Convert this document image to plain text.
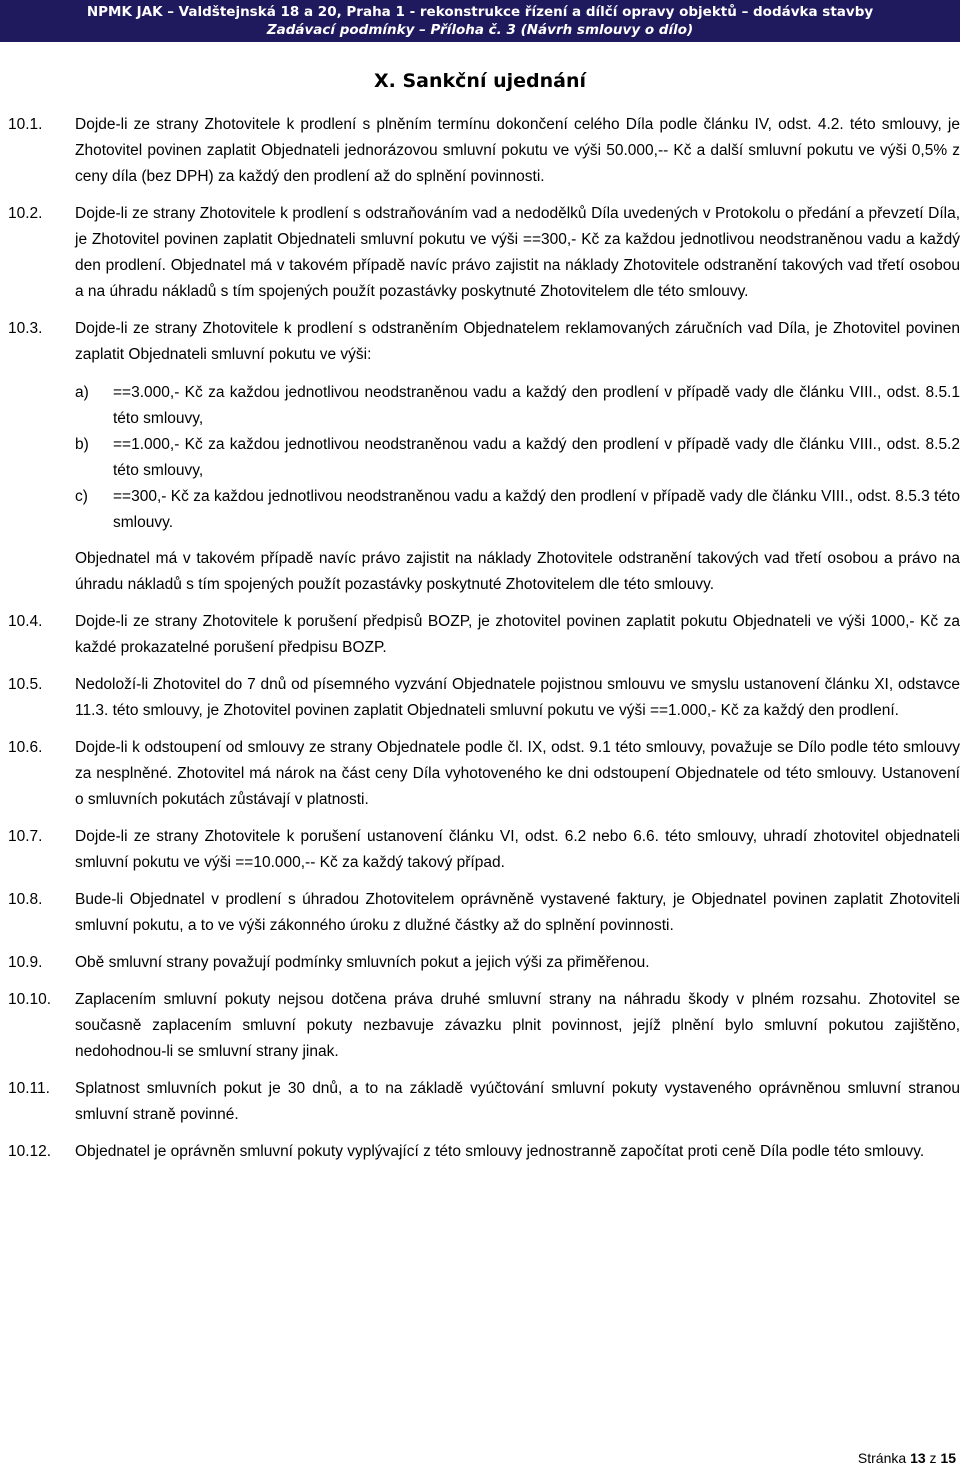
NPMK JAK – Valdštejnská 18 a 20, Praha 1 - rekonstrukce řízení a dílčí opravy objektů – dodávka stavby
Zadávací podmínky – Příloha č. 3 (Návrh smlouvy o dílo)
X. Sankční ujednání
10.1.	Dojde-li ze strany Zhotovitele k prodlení s plněním termínu dokončení celého Díla podle článku IV, odst. 4.2. této smlouvy, je Zhotovitel povinen zaplatit Objednateli jednorázovou smluvní pokutu ve výši 50.000,-- Kč a další smluvní pokutu ve výši 0,5% z ceny díla (bez DPH) za každý den prodlení až do splnění povinnosti.
10.2.	Dojde-li ze strany Zhotovitele k prodlení s odstraňováním vad a nedodělků Díla uvedených v Protokolu o předání a převzetí Díla, je Zhotovitel povinen zaplatit Objednateli smluvní pokutu ve výši ==300,- Kč za každou jednotlivou neodstraněnou vadu a každý den prodlení. Objednatel má v takovém případě navíc právo zajistit na náklady Zhotovitele odstranění takových vad třetí osobou a na úhradu nákladů s tím spojených použít pozastávky poskytnuté Zhotovitelem dle této smlouvy.
10.3.	Dojde-li ze strany Zhotovitele k prodlení s odstraněním Objednatelem reklamovaných záručních vad Díla, je Zhotovitel povinen zaplatit Objednateli smluvní pokutu ve výši:
a)	==3.000,- Kč za každou jednotlivou neodstraněnou vadu a každý den prodlení v případě vady dle článku VIII., odst. 8.5.1 této smlouvy,
b)	==1.000,- Kč za každou jednotlivou neodstraněnou vadu a každý den prodlení v případě vady dle článku VIII., odst. 8.5.2 této smlouvy,
c)	==300,- Kč za každou jednotlivou neodstraněnou vadu a každý den prodlení v případě vady dle článku VIII., odst. 8.5.3 této smlouvy.
Objednatel má v takovém případě navíc právo zajistit na náklady Zhotovitele odstranění takových vad třetí osobou a právo na úhradu nákladů s tím spojených použít pozastávky poskytnuté Zhotovitelem dle této smlouvy.
10.4.	Dojde-li ze strany Zhotovitele k porušení předpisů BOZP, je zhotovitel povinen zaplatit pokutu Objednateli ve výši 1000,- Kč za každé prokazatelné porušení předpisu BOZP.
10.5.	Nedoloží-li Zhotovitel do 7 dnů od písemného vyzvání Objednatele pojistnou smlouvu ve smyslu ustanovení článku XI, odstavce 11.3. této smlouvy, je Zhotovitel povinen zaplatit Objednateli smluvní pokutu ve výši ==1.000,- Kč za každý den prodlení.
10.6.	Dojde-li k odstoupení od smlouvy ze strany Objednatele podle čl. IX, odst. 9.1 této smlouvy, považuje se Dílo podle této smlouvy za nesplněné. Zhotovitel má nárok na část ceny Díla vyhotoveného ke dni odstoupení Objednatele od této smlouvy. Ustanovení o smluvních pokutách zůstávají v platnosti.
10.7.	Dojde-li ze strany Zhotovitele k porušení ustanovení článku VI, odst. 6.2 nebo 6.6. této smlouvy, uhradí zhotovitel objednateli smluvní pokutu ve výši ==10.000,-- Kč za každý takový případ.
10.8.	Bude-li Objednatel v prodlení s úhradou Zhotovitelem oprávněně vystavené faktury, je Objednatel povinen zaplatit Zhotoviteli smluvní pokutu, a to ve výši zákonného úroku z dlužné částky až do splnění povinnosti.
10.9.	Obě smluvní strany považují podmínky smluvních pokut a jejich výši za přiměřenou.
10.10.	Zaplacením smluvní pokuty nejsou dotčena práva druhé smluvní strany na náhradu škody v plném rozsahu. Zhotovitel se současně zaplacením smluvní pokuty nezbavuje závazku plnit povinnost, jejíž plnění bylo smluvní pokutou zajištěno, nedohodnou-li se smluvní strany jinak.
10.11.	Splatnost smluvních pokut je 30 dnů, a to na základě vyúčtování smluvní pokuty vystaveného oprávněnou smluvní stranou smluvní straně povinné.
10.12.	Objednatel je oprávněn smluvní pokuty vyplývající z této smlouvy jednostranně započítat proti ceně Díla podle této smlouvy.
Stránka 13 z 15
